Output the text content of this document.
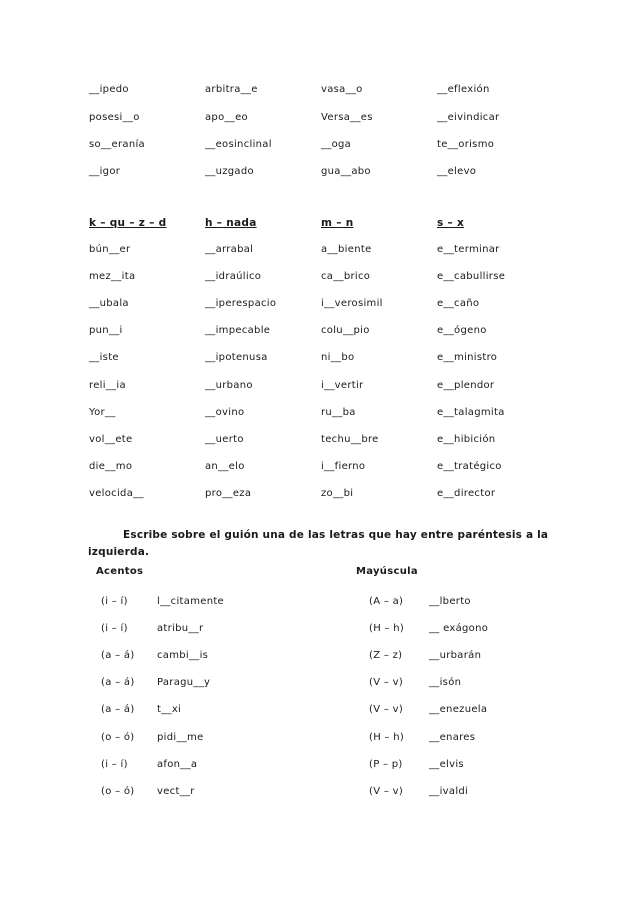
Escribe sobre el guión una de las letras que hay entre paréntesis a la izquierda.
Acentos	Mayúscula
__ipedo	arbitra__e	vasa__o	__eflexión
posesi__o	apo__eo	Versa__es	__eivindicar
so__eranía	__eosinclinal	__oga	te__orismo
__igor	__uzgado	gua__abo	__elevo
k – qu – z – d	h – nada	m – n	s – x
bún__er	__arrabal	a__biente	e__terminar
mez__ita	__idraúlico	ca__brico	e__cabullirse
__ubala	__iperespacio	i__verosimil	e__caño
pun__i	__impecable	colu__pio	e__ógeno
__iste	__ipotenusa	ni__bo	e__ministro
reli__ia	__urbano	i__vertir	e__plendor
Yor__	__ovino	ru__ba	e__talagmita
vol__ete	__uerto	techu__bre	e__hibición
die__mo	an__elo	i__fierno	e__tratégico
velocida__	pro__eza	zo__bi	e__director
(i – í)	l__citamente
(i – í)	atribu__r
(a – á) cambi__is
(a – á) Paragu__y
(a – á) t__xi
(o – ó) pidi__me
(i – í)	afon__a
(o – ó) vect__r
(A – a)	__lberto
(H – h) __ exágono
(Z – z)	__urbarán
(V – v)	__isón
(V – v)	__enezuela
(H – h) __enares
(P – p)	__elvis
(V – v)	__ivaldi
